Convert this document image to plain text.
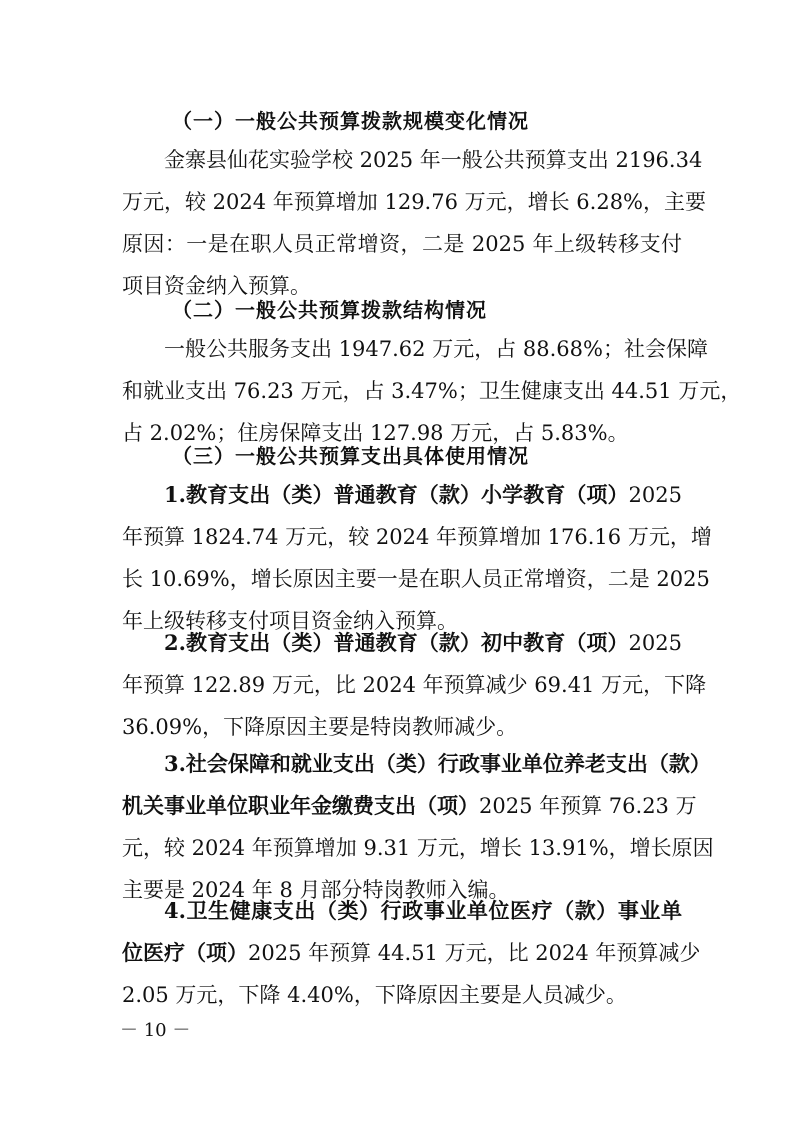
（一）一般公共预算拨款规模变化情况

金寨县仙花实验学校 2025 年一般公共预算支出 2196.34
万元，较 2024 年预算增加 129.76 万元，增长 6.28%，主要
原因：一是在职人员正常增资，二是 2025 年上级转移支付
项目资金纳入预算。

（二）一般公共预算拨款结构情况

一般公共服务支出 1947.62 万元，占 88.68%；社会保障
和就业支出 76.23 万元，占 3.47%；卫生健康支出 44.51 万元，
占 2.02%；住房保障支出 127.98 万元，占 5.83%。

（三）一般公共预算支出具体使用情况

1.教育支出（类）普通教育（款）小学教育（项）2025
年预算 1824.74 万元，较 2024 年预算增加 176.16 万元，增
长 10.69%，增长原因主要一是在职人员正常增资，二是 2025
年上级转移支付项目资金纳入预算。
2.教育支出（类）普通教育（款）初中教育（项）2025
年预算 122.89 万元，比 2024 年预算减少 69.41 万元，下降
36.09%，下降原因主要是特岗教师减少。
3.社会保障和就业支出（类）行政事业单位养老支出（款）
机关事业单位职业年金缴费支出（项）2025 年预算 76.23 万
元，较 2024 年预算增加 9.31 万元，增长 13.91%，增长原因
主要是 2024 年 8 月部分特岗教师入编。
4.卫生健康支出（类）行政事业单位医疗（款）事业单
位医疗（项）2025 年预算 44.51 万元，比 2024 年预算减少
2.05 万元，下降 4.40%，下降原因主要是人员减少。

－ 10 －
